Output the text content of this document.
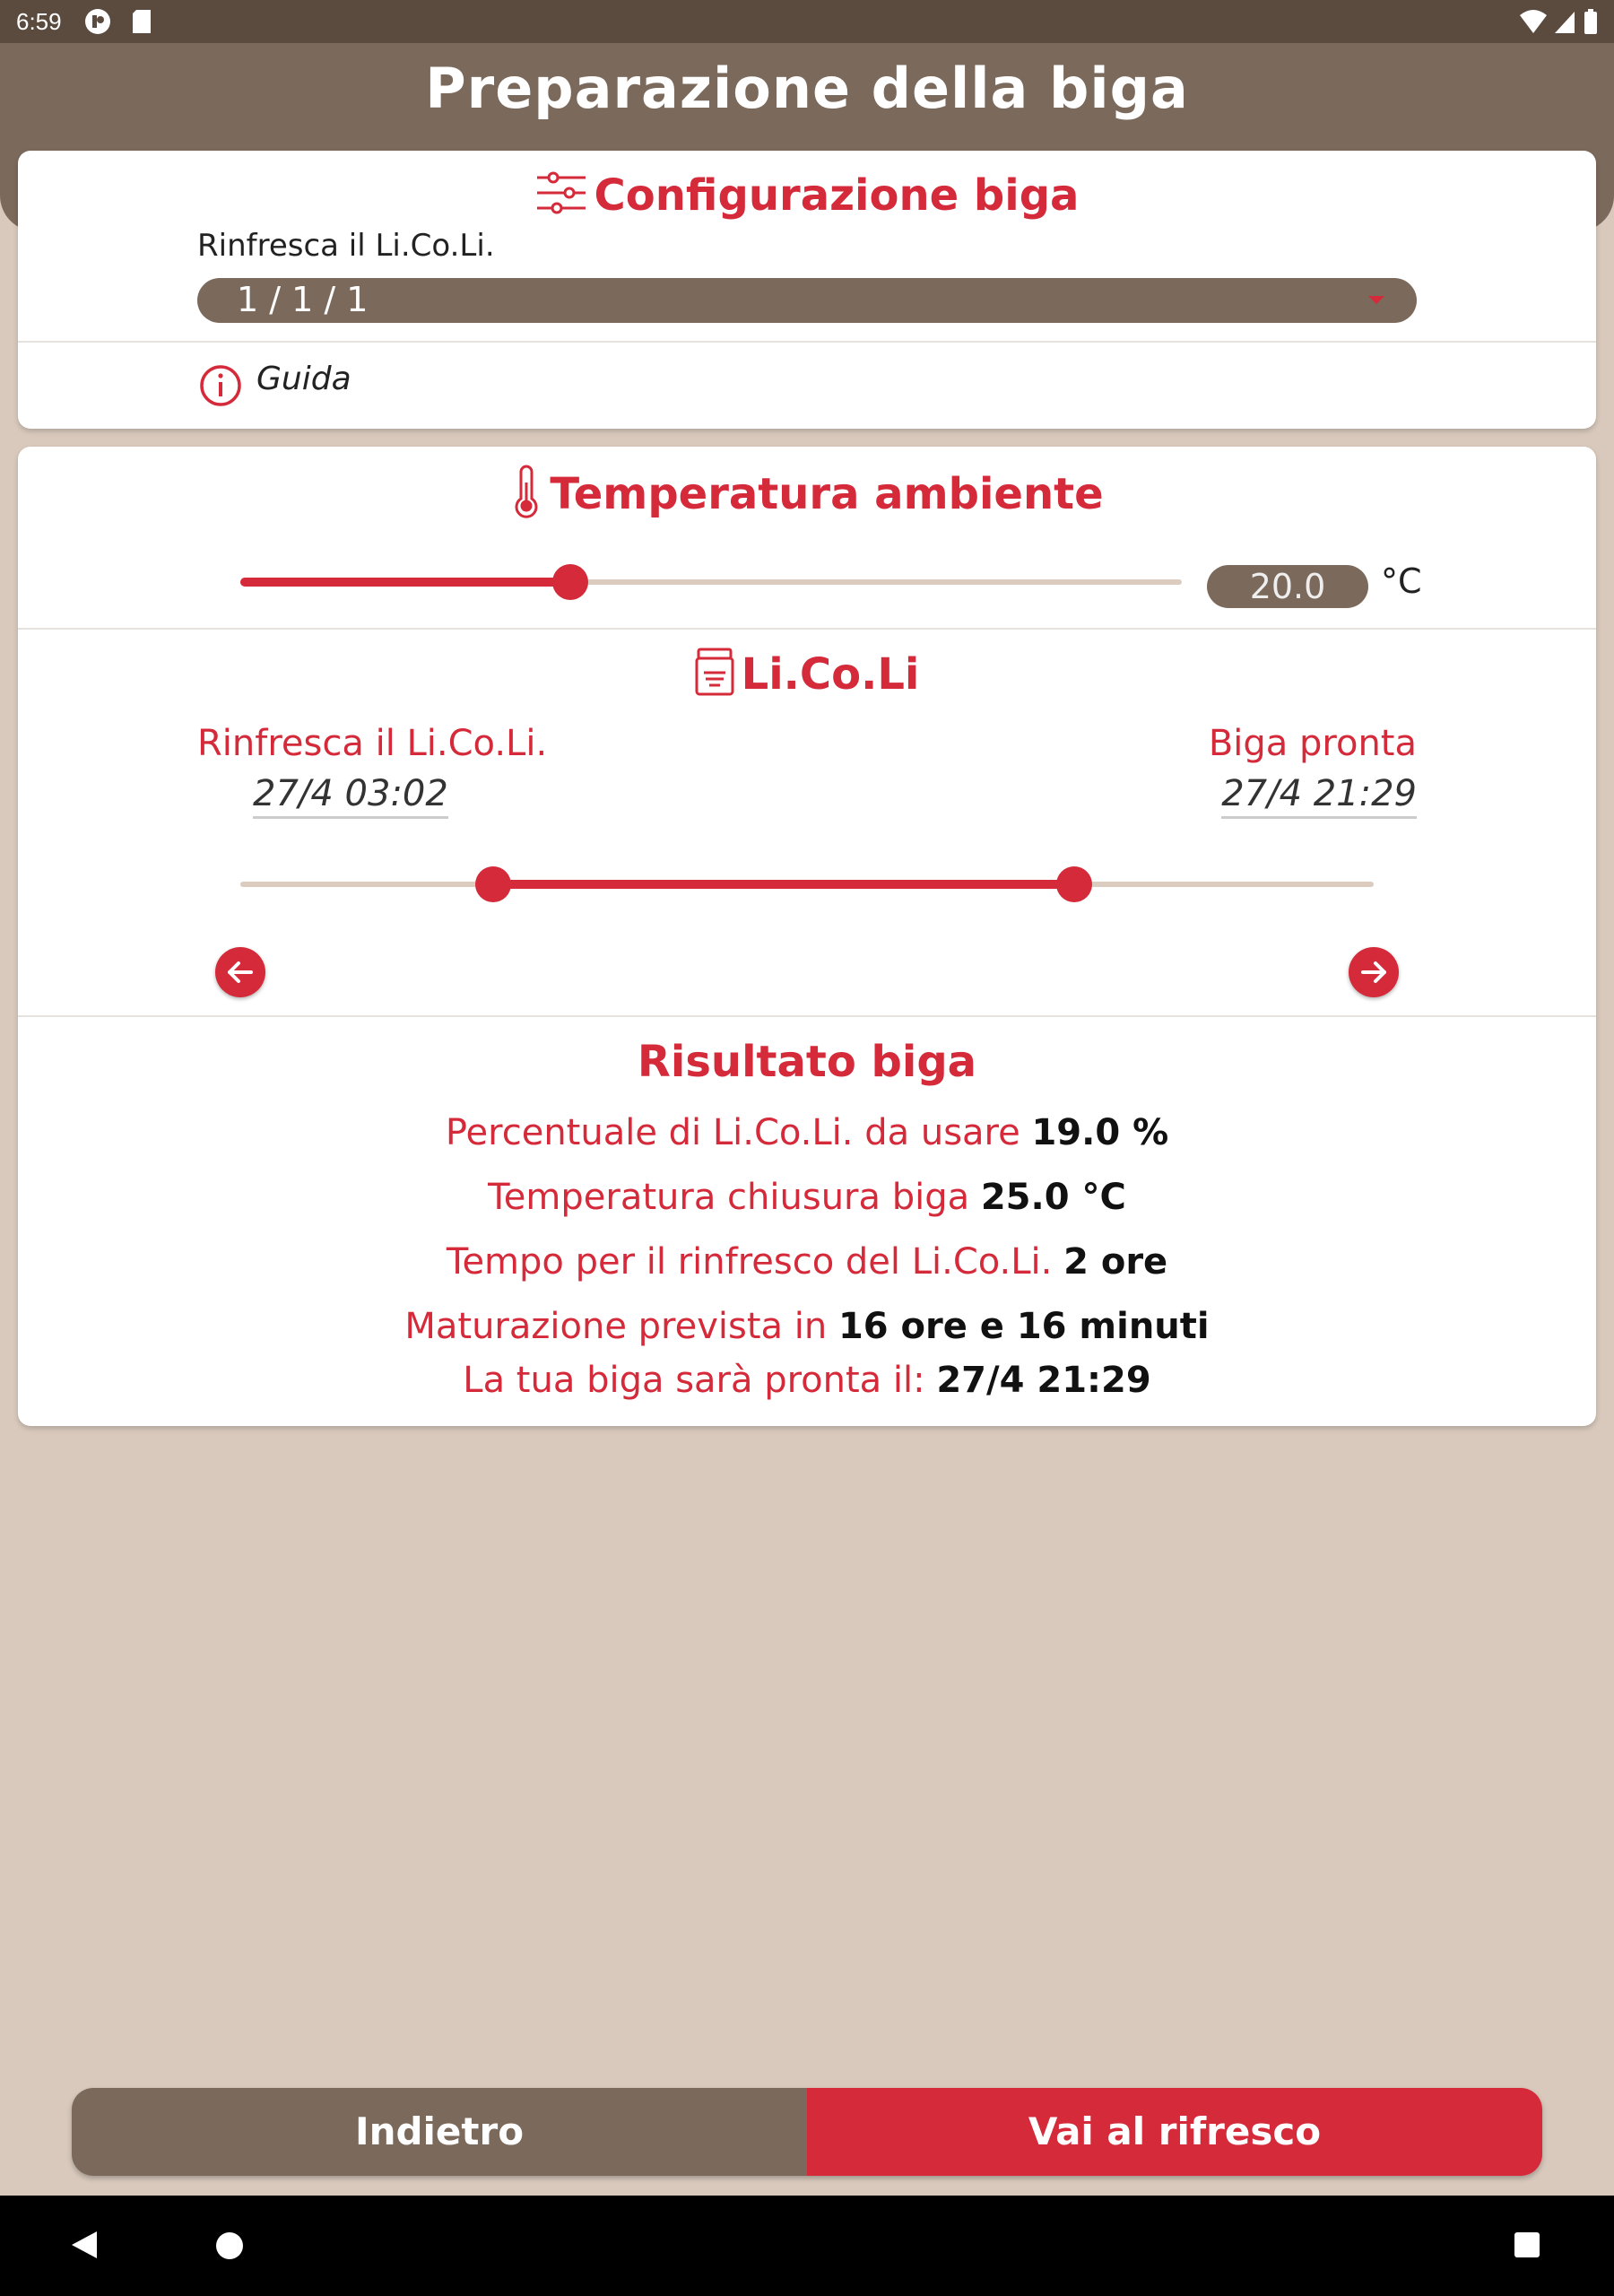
6:59
Preparazione della biga
Configurazione biga
Rinfresca il Li.Co.Li.
1 / 1 / 1
Guida
Temperatura ambiente
20.0	°C
Li.Co.Li
Rinfresca il Li.Co.Li.
27/4 03:02
Biga pronta
27/4 21:29
Risultato biga
Percentuale di Li.Co.Li. da usare 19.0 %
Temperatura chiusura biga 25.0 °C
Tempo per il rinfresco del Li.Co.Li. 2 ore
Maturazione prevista in 16 ore e 16 minuti
La tua biga sarà pronta il: 27/4 21:29
Indietro	Vai al rifresco
